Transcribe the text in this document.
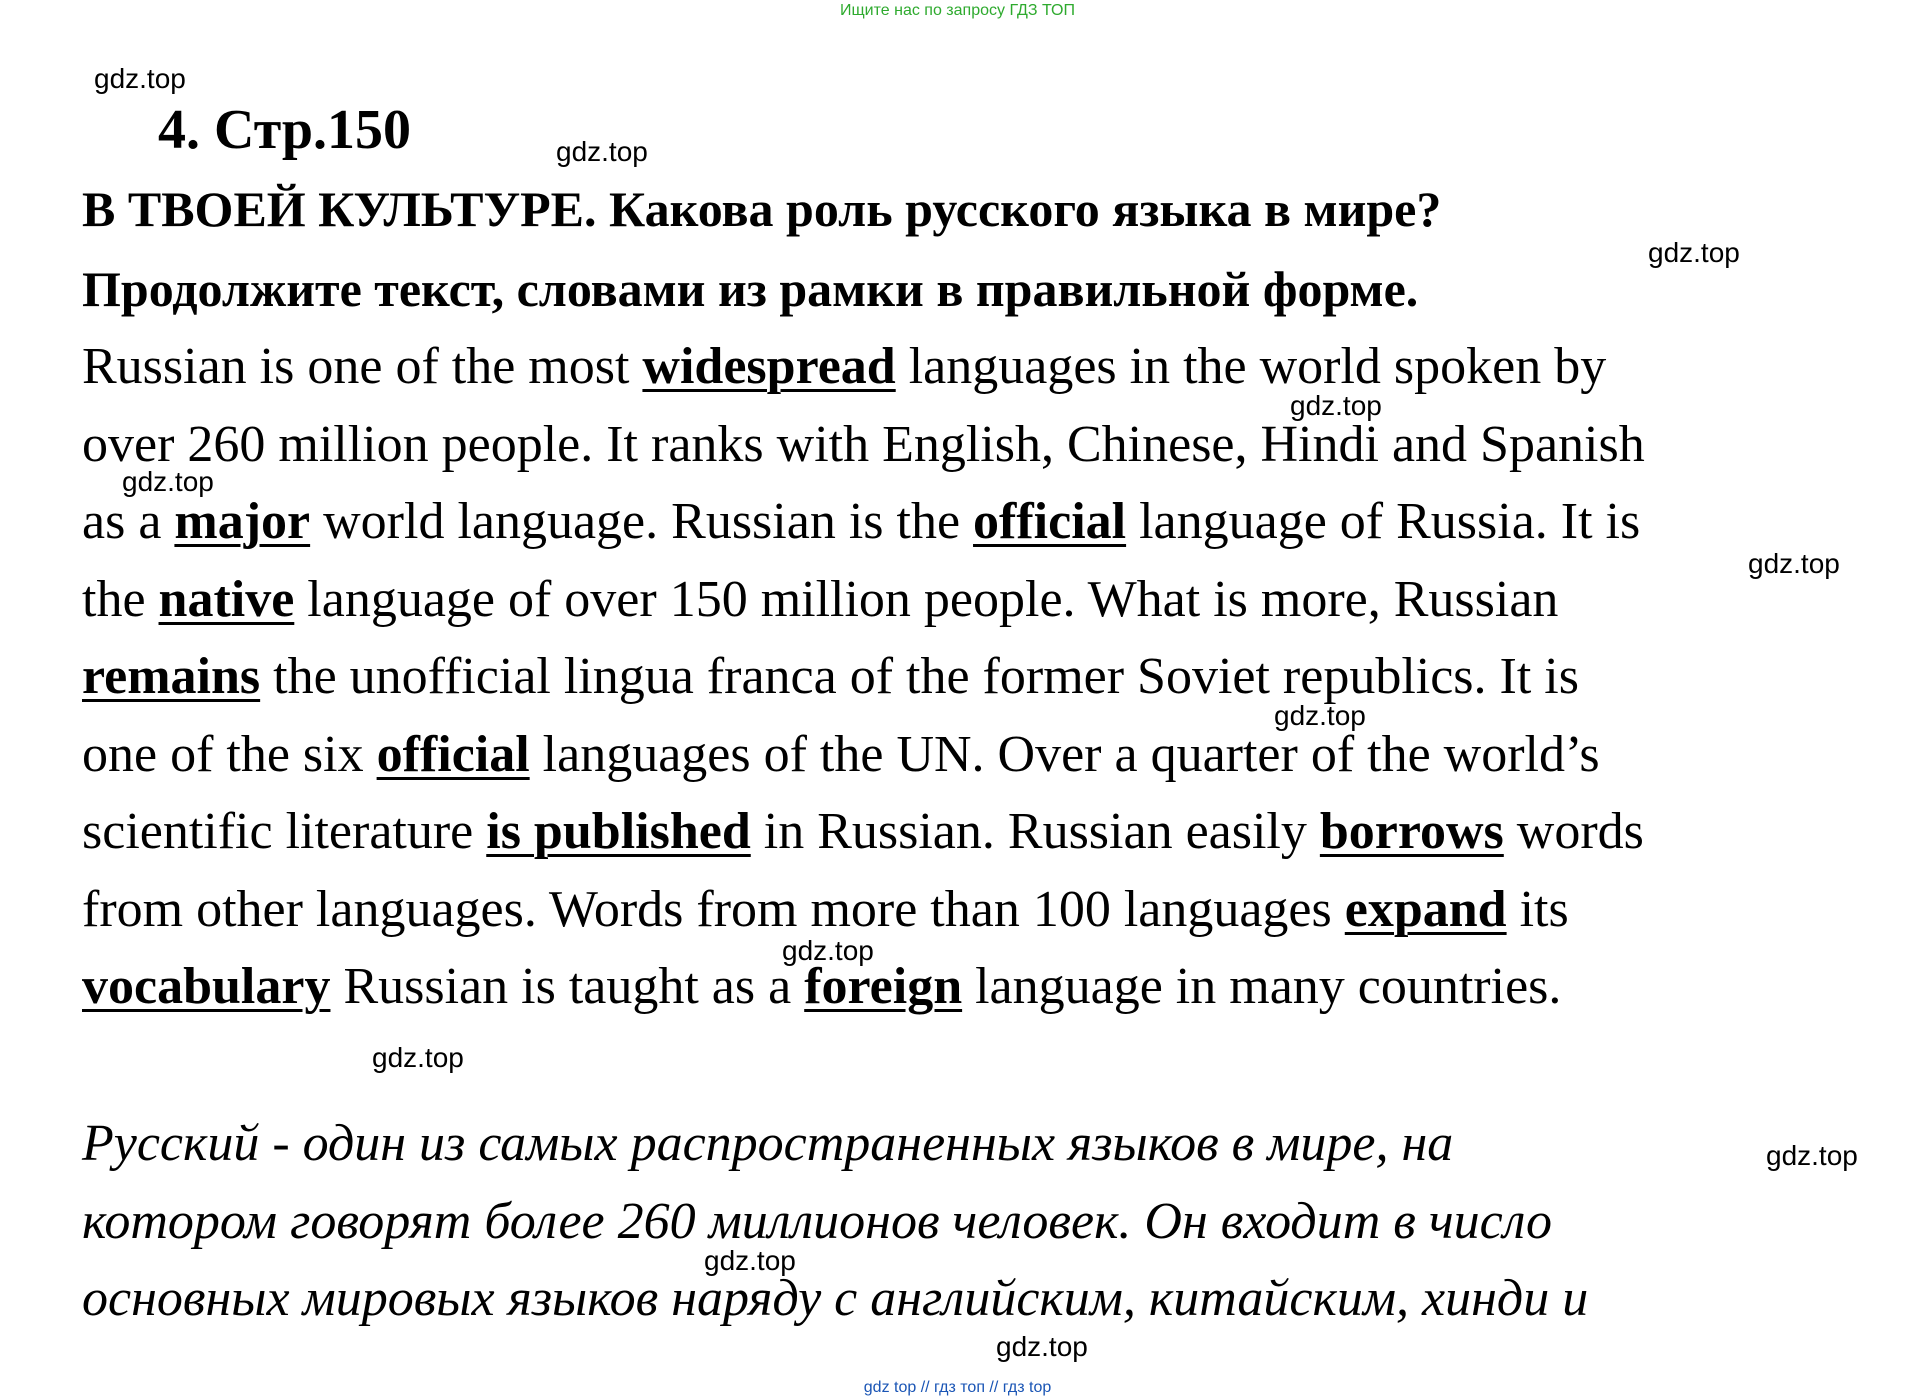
Ищите нас по запросу ГДЗ ТОП
gdz.top
gdz.top
gdz.top
gdz.top
gdz.top
gdz.top
gdz.top
gdz.top
gdz.top
gdz.top
gdz.top
gdz.top
4. Стр.150
В ТВОЕЙ КУЛЬТУРЕ. Какова роль русского языка в мире?
Продолжите текст, словами из рамки в правильной форме.
Russian is one of the most widespread languages in the world spoken by
over 260 million people. It ranks with English, Chinese, Hindi and Spanish
as a major world language. Russian is the official language of Russia. It is
the native language of over 150 million people. What is more, Russian
remains the unofficial lingua franca of the former Soviet republics. It is
one of the six official languages of the UN. Over a quarter of the world’s
scientific literature is published in Russian. Russian easily borrows words
from other languages. Words from more than 100 languages expand its
vocabulary Russian is taught as a foreign language in many countries.
Русский - один из самых распространенных языков в мире, на
котором говорят более 260 миллионов человек. Он входит в число
основных мировых языков наряду с английским, китайским, хинди и
gdz top // гдз топ // гдз top
